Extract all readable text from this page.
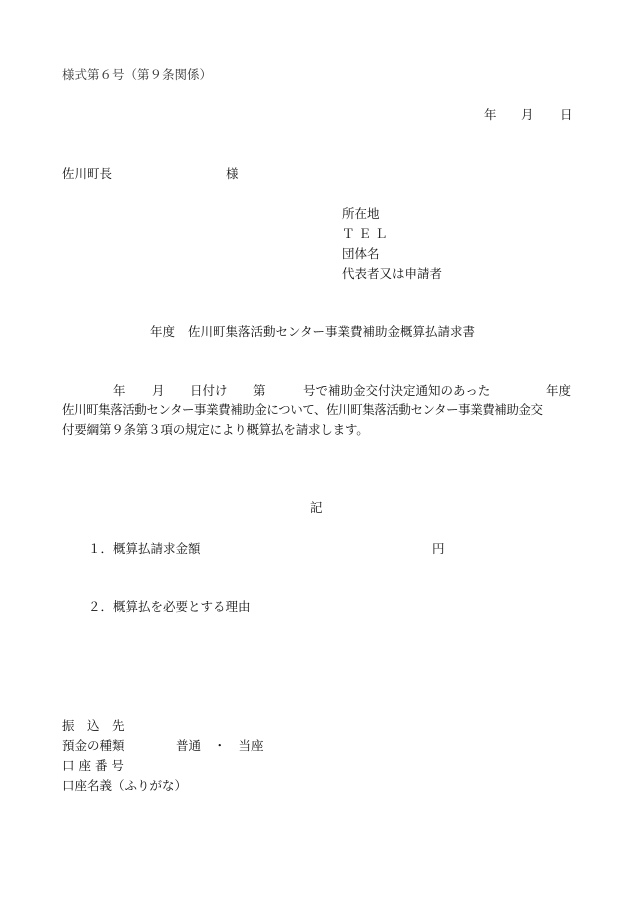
様式第６号（第９条関係）
年 月 日
佐川町長	様
所在地
ＴＥＬ
団体名
代表者又は申請者
年度 佐川町集落活動センター事業費補助金概算払請求書
年 月 日付け 第	号で補助金交付決定通知のあった	年度
佐川町集落活動センター事業費補助金について、佐川町集落活動センター事業費補助金交
付要綱第９条第３項の規定により概算払を請求します。
記
１．概算払請求金額	円
２．概算払を必要とする理由
振　込　先
預金の種類	普通　・　当座
口 座 番 号
口座名義（ふりがな）
